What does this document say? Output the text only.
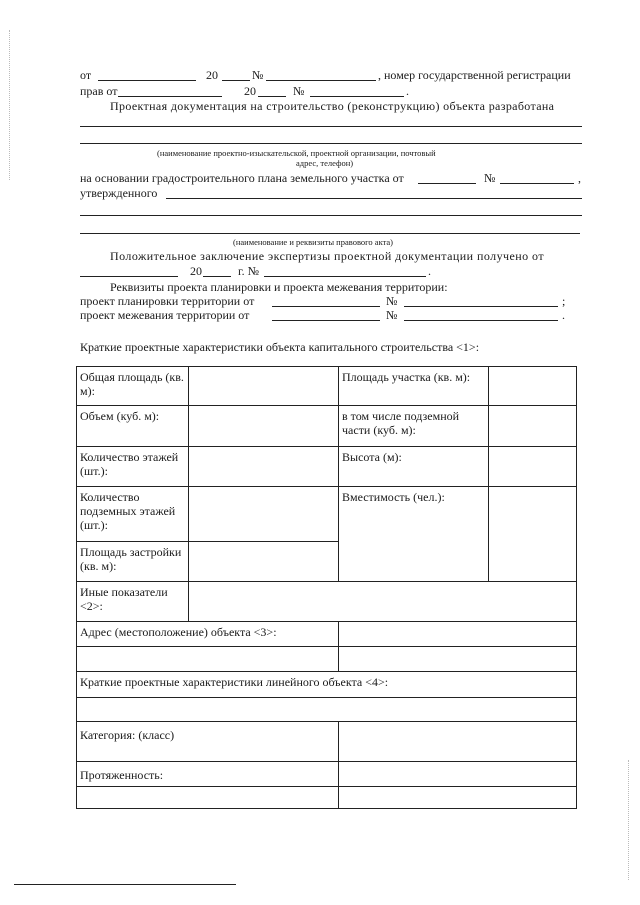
от	20	№	, номер государственной регистрации
прав от	20	№	.
Проектная документация на строительство (реконструкцию) объекта разработана
(наименование проектно-изыскательской, проектной организации, почтовый
адрес, телефон)
на основании градостроительного плана земельного участка от	№	,
утвержденного
(наименование и реквизиты правового акта)
Положительное заключение экспертизы проектной документации получено от
20	г. №	.
Реквизиты проекта планировки и проекта межевания территории:
проект планировки территории от	№	;
проект межевания территории от	№	.
Краткие проектные характеристики объекта капитального строительства <1>:
Общая площадь (кв. м):		Площадь участка (кв. м):	
Объем (куб. м):		в том числе подземной части (куб. м):	
Количество этажей (шт.):		Высота (м):	
Количество подземных этажей (шт.):		Вместимость (чел.):	
Площадь застройки (кв. м):			
Иные показатели <2>:			
Адрес (местоположение) объекта <3>:			

Краткие проектные характеристики линейного объекта <4>:			

Категория: (класс)			
Протяженность:			
